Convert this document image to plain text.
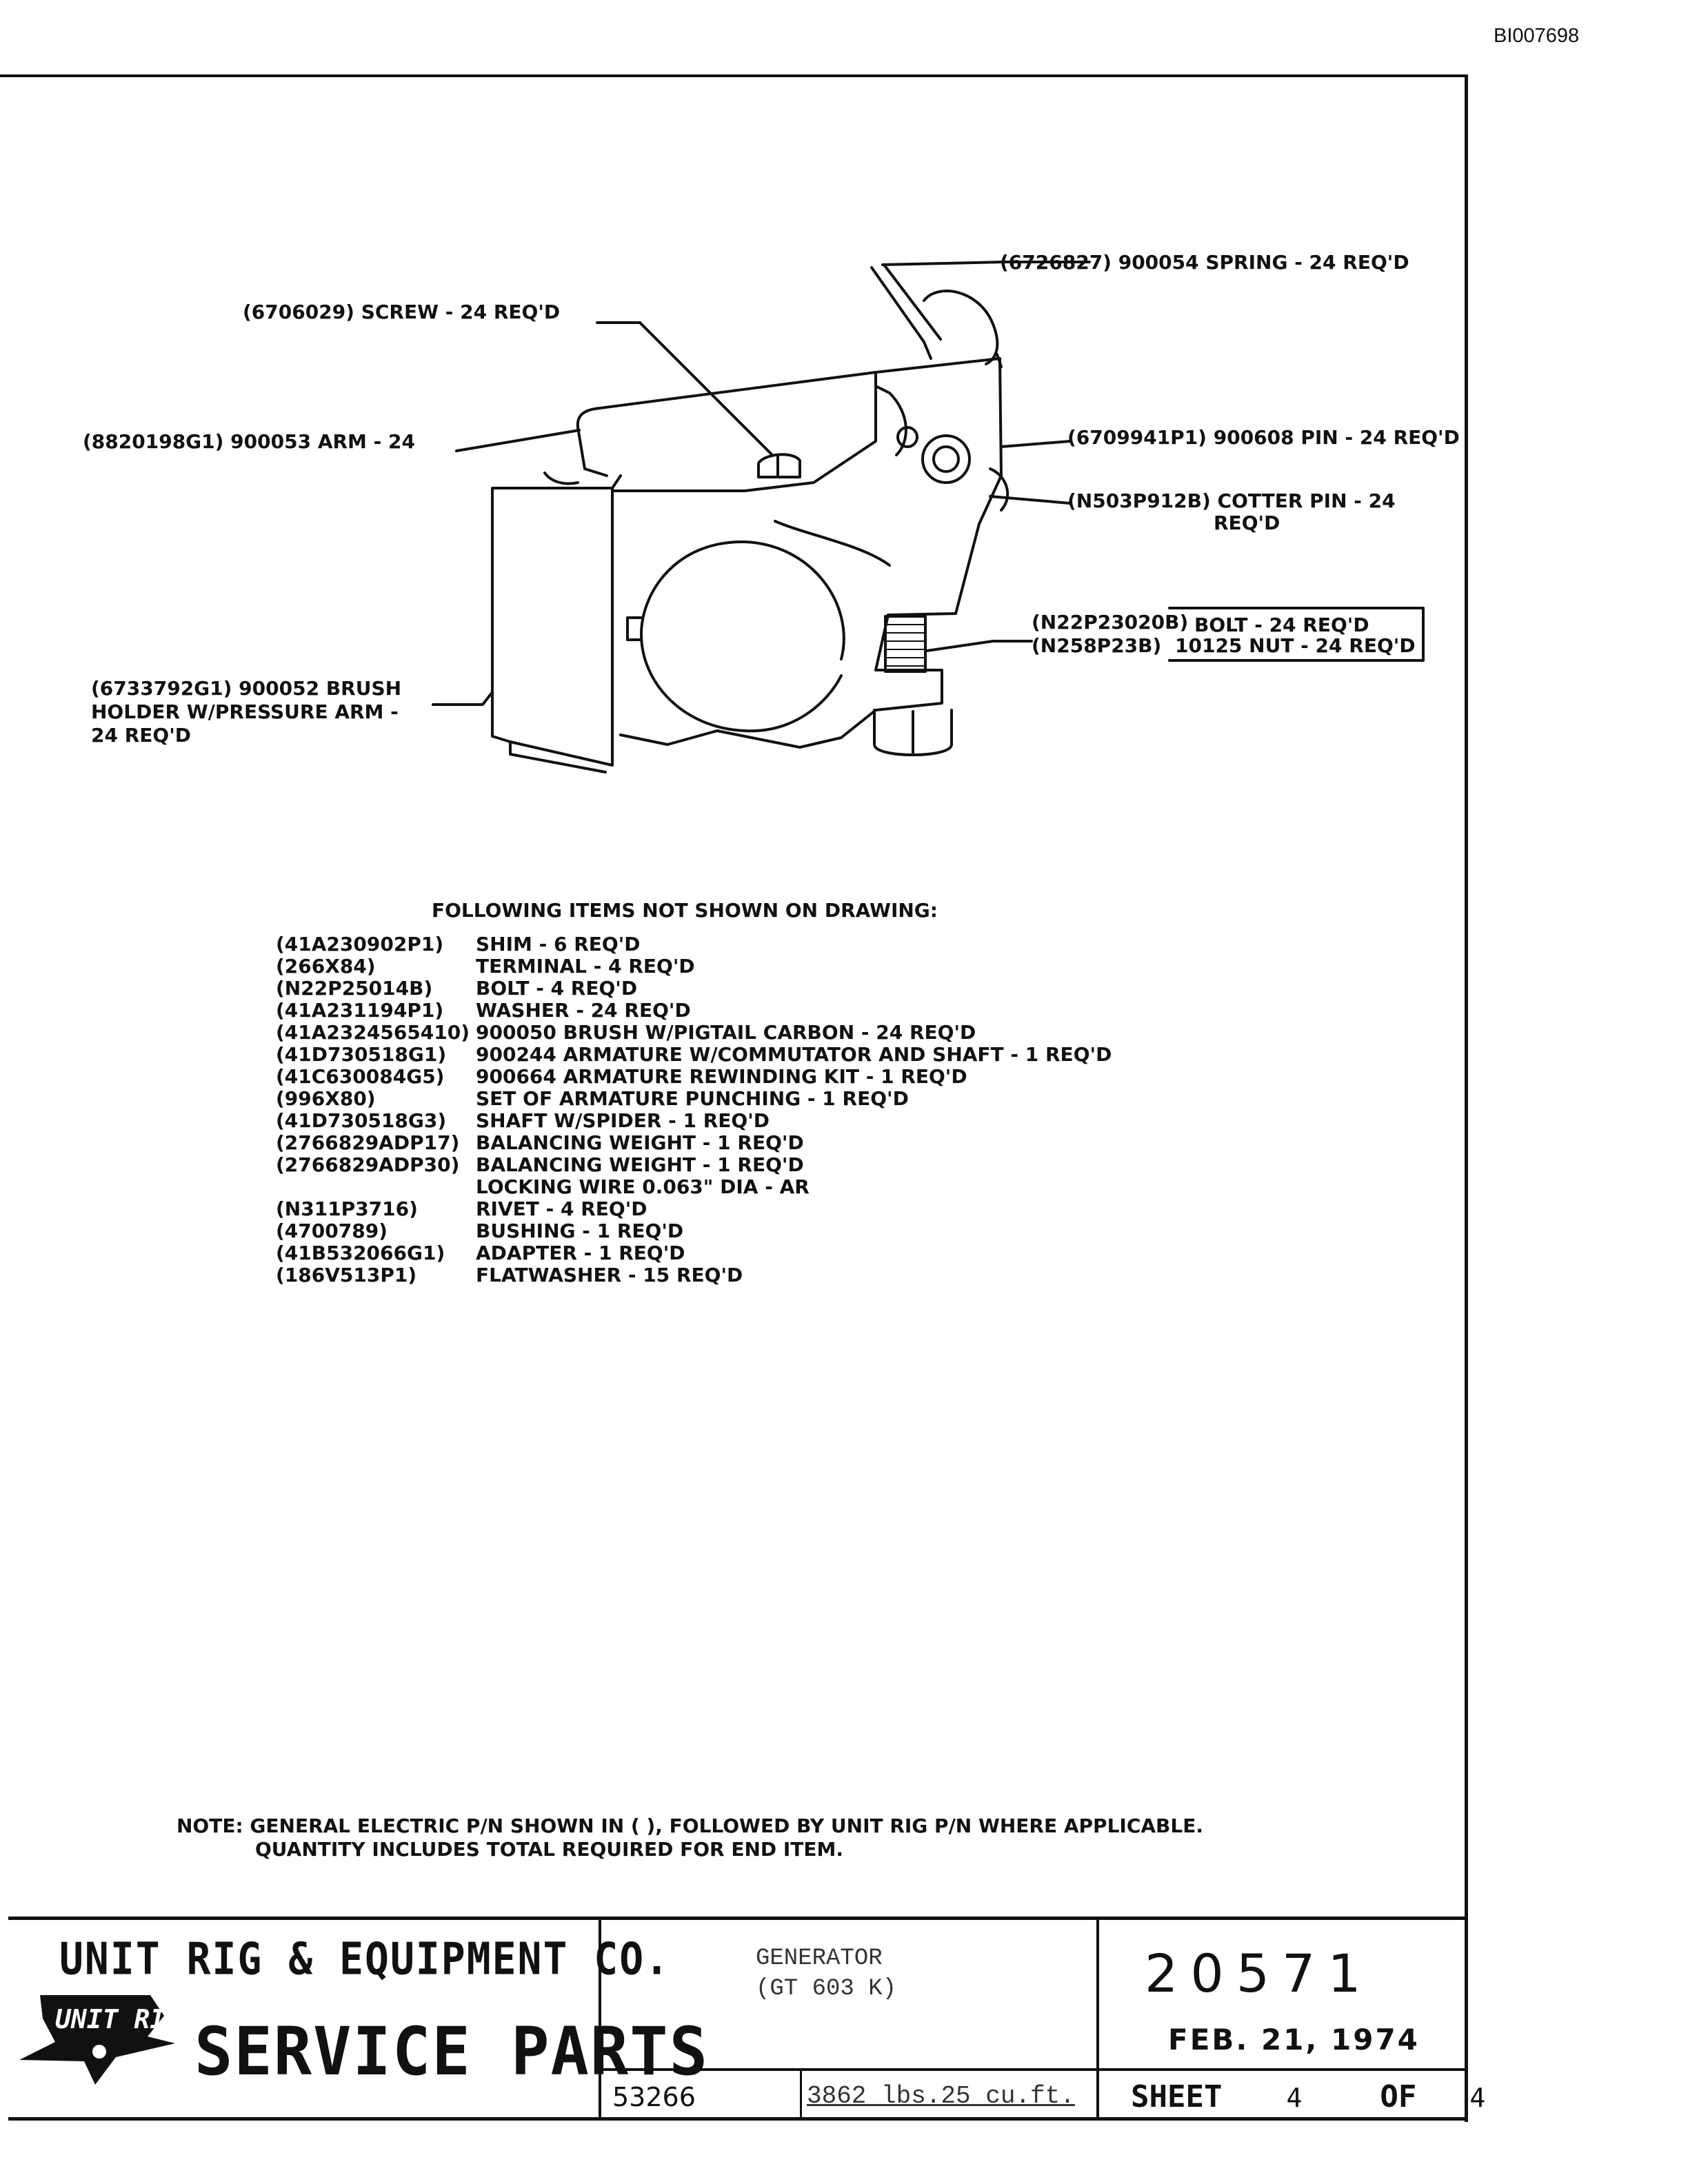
BI007698
(6726827) 900054 SPRING - 24 REQ'D
(6706029) SCREW - 24 REQ'D
(8820198G1) 900053 ARM - 24	(6709941P1) 900608 PIN - 24 REQ'D
(N503P912B) COTTER PIN - 24
REQ'D
(N22P23020B) BOLT - 24 REQ'D
(N258P23B) 10125 NUT - 24 REQ'D
(6733792G1) 900052 BRUSH HOLDER W/PRESSURE ARM - 24 REQ'D
FOLLOWING ITEMS NOT SHOWN ON DRAWING:
(41A230902P1)	SHIM - 6 REQ'D
(266X84)	TERMINAL - 4 REQ'D
(N22P25014B)	BOLT - 4 REQ'D
(41A231194P1)	WASHER - 24 REQ'D
(41A2324565410) 900050 BRUSH W/PIGTAIL CARBON - 24 REQ'D
(41D730518G1)	900244 ARMATURE W/COMMUTATOR AND SHAFT - 1 REQ'D
(41C630084G5)	900664 ARMATURE REWINDING KIT - 1 REQ'D
(996X80)	SET OF ARMATURE PUNCHING - 1 REQ'D
(41D730518G3)	SHAFT W/SPIDER - 1 REQ'D
(2766829ADP17) BALANCING WEIGHT - 1 REQ'D
(2766829ADP30) BALANCING WEIGHT - 1 REQ'D
LOCKING WIRE 0.063" DIA - AR
(N311P3716)	RIVET - 4 REQ'D
(4700789)	BUSHING - 1 REQ'D
(41B532066G1)	ADAPTER - 1 REQ'D
(186V513P1)	FLATWASHER - 15 REQ'D
NOTE: GENERAL ELECTRIC P/N SHOWN IN ( ), FOLLOWED BY UNIT RIG P/N WHERE APPLICABLE.
QUANTITY INCLUDES TOTAL REQUIRED FOR END ITEM.
UNIT RIG & EQUIPMENT CO.
UNIT RIG SERVICE PARTS
GENERATOR
(GT 603 K)	20571
FEB. 21, 1974
53266	3862 lbs.25 cu.ft. SHEET 4	OF 4
